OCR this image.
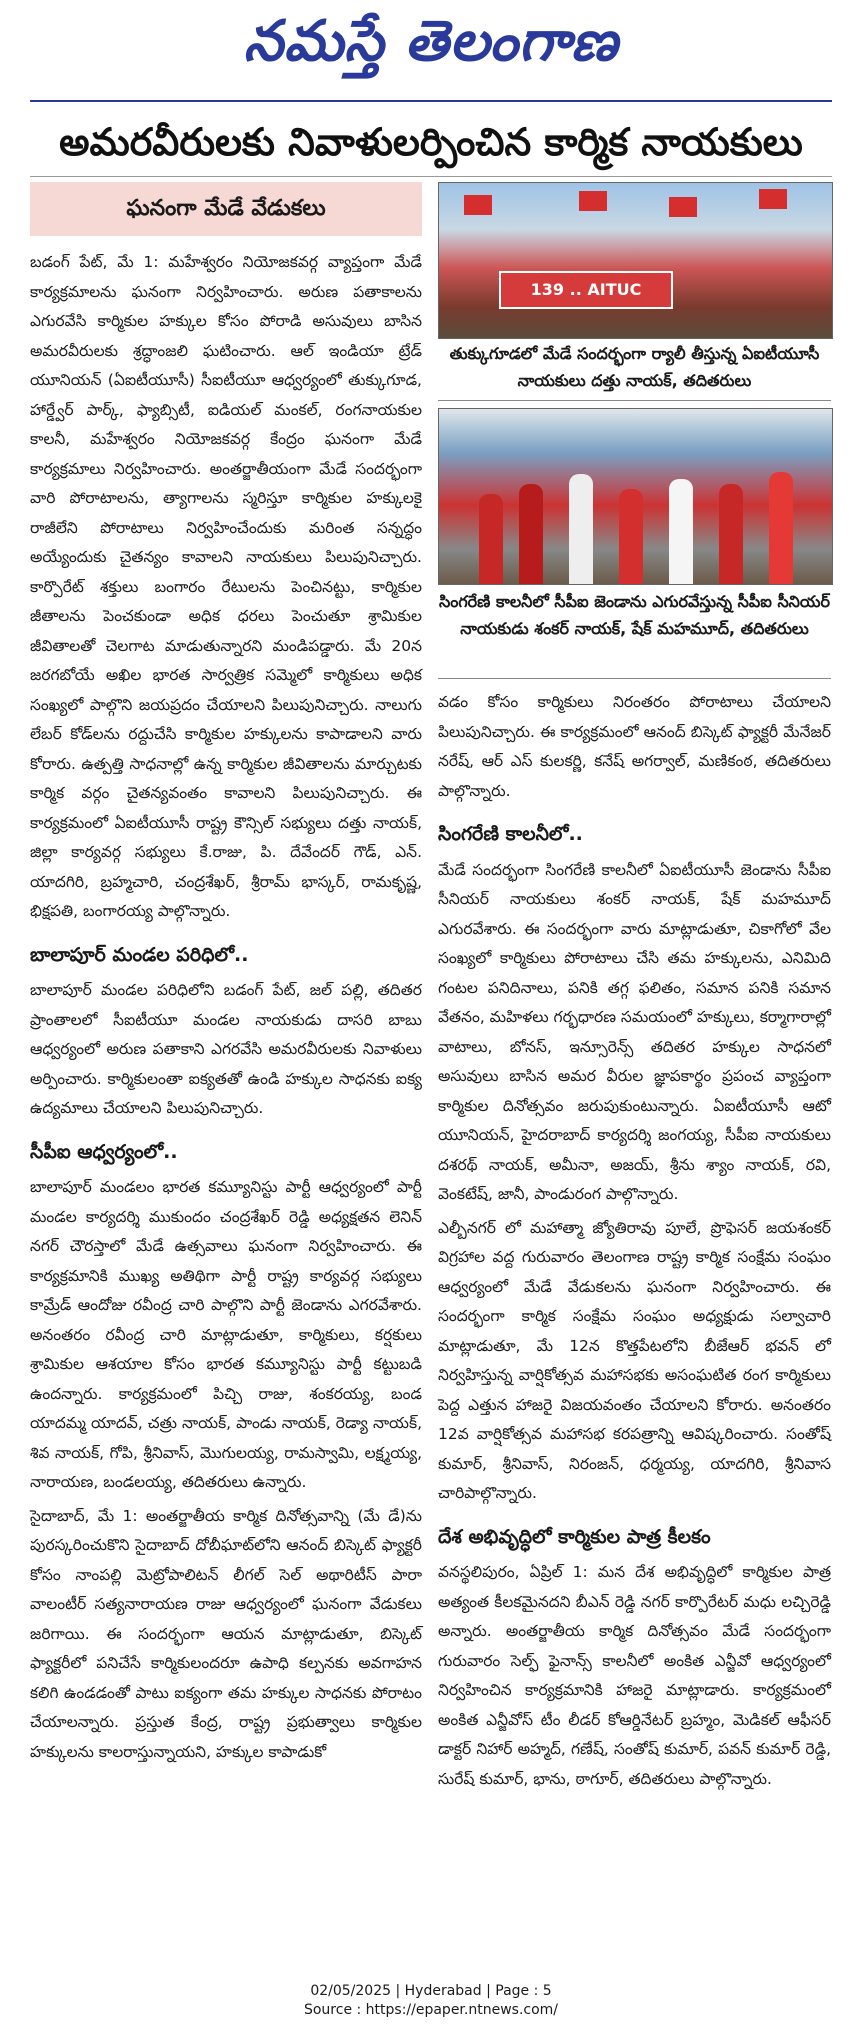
నమస్తే తెలంగాణ
అమరవీరులకు నివాళులర్పించిన కార్మిక నాయకులు
ఘనంగా మేడే వేడుకలు
139 .. AITUC
తుక్కుగూడలో మేడే సందర్భంగా ర్యాలీ తీస్తున్న ఏఐటీయూసీ నాయకులు దత్తు నాయక్, తదితరులు
సింగరేణి కాలనీలో సీపీఐ జెండాను ఎగురవేస్తున్న సీపీఐ సీనియర్ నాయకుడు శంకర్ నాయక్, షేక్ మహమూద్, తదితరులు

బడంగ్ పేట్, మే 1: మహేశ్వరం నియోజకవర్గ వ్యాప్తంగా మేడే కార్యక్రమాలను ఘనంగా నిర్వహించారు. అరుణ పతాకాలను ఎగురవేసి కార్మికుల హక్కుల కోసం పోరాడి అసువులు బాసిన అమరవీరులకు శ్రద్ధాంజలి ఘటించారు. ఆల్ ఇండియా ట్రేడ్ యూనియన్ (ఏఐటీయూసీ) సీఐటీయూ ఆధ్వర్యంలో తుక్కుగూడ, హార్డ్వేర్ పార్క్, ఫ్యాబ్సిటీ, ఐడియల్ మంకల్, రంగనాయకుల కాలనీ, మహేశ్వరం నియోజకవర్గ కేంద్రం ఘనంగా మేడే కార్యక్రమాలు నిర్వహించారు. అంతర్జాతీయంగా మేడే సందర్భంగా వారి పోరాటాలను, త్యాగాలను స్మరిస్తూ కార్మికుల హక్కులకై రాజీలేని పోరాటాలు నిర్వహించేందుకు మరింత సన్నద్ధం అయ్యేందుకు చైతన్యం కావాలని నాయకులు పిలుపునిచ్చారు. కార్పొరేట్ శక్తులు బంగారం రేటులను పెంచినట్టు, కార్మికుల జీతాలను పెంచకుండా అధిక ధరలు పెంచుతూ శ్రామికుల జీవితాలతో చెలగాట మాడుతున్నారని మండిపడ్డారు. మే 20న జరగబోయే అఖిల భారత సార్వత్రిక సమ్మెలో కార్మికులు అధిక సంఖ్యలో పాల్గొని జయప్రదం చేయాలని పిలుపునిచ్చారు. నాలుగు లేబర్ కోడ్‌లను రద్దుచేసి కార్మికుల హక్కులను కాపాడాలని వారు కోరారు. ఉత్పత్తి సాధనాల్లో ఉన్న కార్మికుల జీవితాలను మార్చుటకు కార్మిక వర్గం చైతన్యవంతం కావాలని పిలుపునిచ్చారు. ఈ కార్యక్రమంలో ఏఐటీయూసీ రాష్ట్ర కౌన్సిల్ సభ్యులు దత్తు నాయక్, జిల్లా కార్యవర్గ సభ్యులు కే.రాజు, పి. దేవేందర్ గౌడ్, ఎన్. యాదగిరి, బ్రహ్మచారి, చంద్రశేఖర్, శ్రీరామ్ భాస్కర్, రామకృష్ణ, భిక్షపతి, బంగారయ్య పాల్గొన్నారు.

బాలాపూర్ మండల పరిధిలో..

బాలాపూర్ మండల పరిధిలోని బడంగ్ పేట్, జల్ పల్లి, తదితర ప్రాంతాలలో సీఐటీయూ మండల నాయకుడు దాసరి బాబు ఆధ్వర్యంలో అరుణ పతాకాని ఎగరవేసి అమరవీరులకు నివాళులు అర్పించారు. కార్మికులంతా ఐక్యతతో ఉండి హక్కుల సాధనకు ఐక్య ఉద్యమాలు చేయాలని పిలుపునిచ్చారు.

సీపీఐ ఆధ్వర్యంలో..

బాలాపూర్ మండలం భారత కమ్యూనిస్టు పార్టీ ఆధ్వర్యంలో పార్టీ మండల కార్యదర్శి ముకుందం చంద్రశేఖర్ రెడ్డి అధ్యక్షతన లెనిన్ నగర్ చౌరస్తాలో మేడే ఉత్సవాలు ఘనంగా నిర్వహించారు. ఈ కార్యక్రమానికి ముఖ్య అతిథిగా పార్టీ రాష్ట్ర కార్యవర్గ సభ్యులు కామ్రేడ్ ఆందోజు రవీంద్ర చారి పాల్గొని పార్టీ జెండాను ఎగరవేశారు. అనంతరం రవీంద్ర చారి మాట్లాడుతూ, కార్మికులు, కర్షకులు శ్రామికుల ఆశయాల కోసం భారత కమ్యూనిస్టు పార్టీ కట్టుబడి ఉందన్నారు. కార్యక్రమంలో పిచ్చి రాజు, శంకరయ్య, బండ యాదమ్మ యాదవ్, చత్రు నాయక్, పాండు నాయక్, రెడ్యా నాయక్, శివ నాయక్, గోపి, శ్రీనివాస్, మొగులయ్య, రామస్వామి, లక్ష్మయ్య, నారాయణ, బండలయ్య, తదితరులు ఉన్నారు.

సైదాబాద్, మే 1: అంతర్జాతీయ కార్మిక దినోత్సవాన్ని (మే డే)ను పురస్కరించుకొని సైదాబాద్ దోబీఘాట్‌లోని ఆనంద్ బిస్కెట్ ఫ్యాక్టరీ కోసం నాంపల్లి మెట్రోపాలిటన్ లీగల్ సెల్ అథారిటీస్ పారా వాలంటీర్ సత్యనారాయణ రాజు ఆధ్వర్యంలో ఘనంగా వేడుకలు జరిగాయి. ఈ సందర్భంగా ఆయన మాట్లాడుతూ, బిస్కెట్ ఫ్యాక్టరీలో పనిచేసే కార్మికులందరూ ఉపాధి కల్పనకు అవగాహన కలిగి ఉండడంతో పాటు ఐక్యంగా తమ హక్కుల సాధనకు పోరాటం చేయాలన్నారు. ప్రస్తుత కేంద్ర, రాష్ట్ర ప్రభుత్వాలు కార్మికుల హక్కులను కాలరాస్తున్నాయని, హక్కుల కాపాడుకో

వడం కోసం కార్మికులు నిరంతరం పోరాటాలు చేయాలని పిలుపునిచ్చారు. ఈ కార్యక్రమంలో ఆనంద్ బిస్కెట్ ఫ్యాక్టరీ మేనేజర్ నరేష్, ఆర్ ఎస్ కులకర్ణి, కనేష్ అగర్వాల్, మణికంఠ, తదితరులు పాల్గొన్నారు.

సింగరేణి కాలనీలో..

మేడే సందర్భంగా సింగరేణి కాలనీలో ఏఐటీయూసీ జెండాను సీపీఐ సీనియర్ నాయకులు శంకర్ నాయక్, షేక్ మహమూద్ ఎగురవేశారు. ఈ సందర్భంగా వారు మాట్లాడుతూ, చికాగోలో వేల సంఖ్యలో కార్మికులు పోరాటాలు చేసి తమ హక్కులను, ఎనిమిది గంటల పనిదినాలు, పనికి తగ్గ ఫలితం, సమాన పనికి సమాన వేతనం, మహిళలు గర్భధారణ సమయంలో హక్కులు, కర్మాగారాల్లో వాటాలు, బోనస్, ఇన్సూరెన్స్ తదితర హక్కుల సాధనలో అసువులు బాసిన అమర వీరుల జ్ఞాపకార్థం ప్రపంచ వ్యాప్తంగా కార్మికుల దినోత్సవం జరుపుకుంటున్నారు. ఏఐటీయూసీ ఆటో యూనియన్, హైదరాబాద్ కార్యదర్శి జంగయ్య, సీపీఐ నాయకులు దశరథ్ నాయక్, అమీనా, అజయ్, శ్రీను శ్యాం నాయక్, రవి, వెంకటేష్, జానీ, పాండురంగ పాల్గొన్నారు.

ఎల్బీనగర్ లో మహాత్మా జ్యోతిరావు పూలే, ప్రొఫెసర్ జయశంకర్ విగ్రహాల వద్ద గురువారం తెలంగాణ రాష్ట్ర కార్మిక సంక్షేమ సంఘం ఆధ్వర్యంలో మేడే వేడుకలను ఘనంగా నిర్వహించారు. ఈ సందర్భంగా కార్మిక సంక్షేమ సంఘం అధ్యక్షుడు సల్వాచారి మాట్లాడుతూ, మే 12న కొత్తపేటలోని బీజేఆర్ భవన్ లో నిర్వహిస్తున్న వార్షికోత్సవ మహాసభకు అసంఘటిత రంగ కార్మికులు పెద్ద ఎత్తున హాజరై విజయవంతం చేయాలని కోరారు. అనంతరం 12వ వార్షికోత్సవ మహాసభ కరపత్రాన్ని ఆవిష్కరించారు. సంతోష్ కుమార్, శ్రీనివాస్, నిరంజన్, ధర్మయ్య, యాదగిరి, శ్రీనివాస చారిపాల్గొన్నారు.

దేశ అభివృద్ధిలో కార్మికుల పాత్ర కీలకం

వనస్థలిపురం, ఏప్రిల్ 1: మన దేశ అభివృద్ధిలో కార్మికుల పాత్ర అత్యంత కీలకమైనదని బీఎన్ రెడ్డి నగర్ కార్పొరేటర్ మధు లచ్చిరెడ్డి అన్నారు. అంతర్జాతీయ కార్మిక దినోత్సవం మేడే సందర్భంగా గురువారం సెల్ఫ్ ఫైనాన్స్ కాలనీలో అంకిత ఎన్జీవో ఆధ్వర్యంలో నిర్వహించిన కార్యక్రమానికి హాజరై మాట్లాడారు. కార్యక్రమంలో అంకిత ఎన్జీవోస్ టీం లీడర్ కోఆర్డినేటర్ బ్రహ్మం, మెడికల్ ఆఫీసర్ డాక్టర్ నిహార్ అహ్మద్, గణేష్, సంతోష్ కుమార్, పవన్ కుమార్ రెడ్డి, సురేష్ కుమార్, భాను, ఠాగూర్, తదితరులు పాల్గొన్నారు.

02/05/2025 | Hyderabad | Page : 5
Source : https://epaper.ntnews.com/
